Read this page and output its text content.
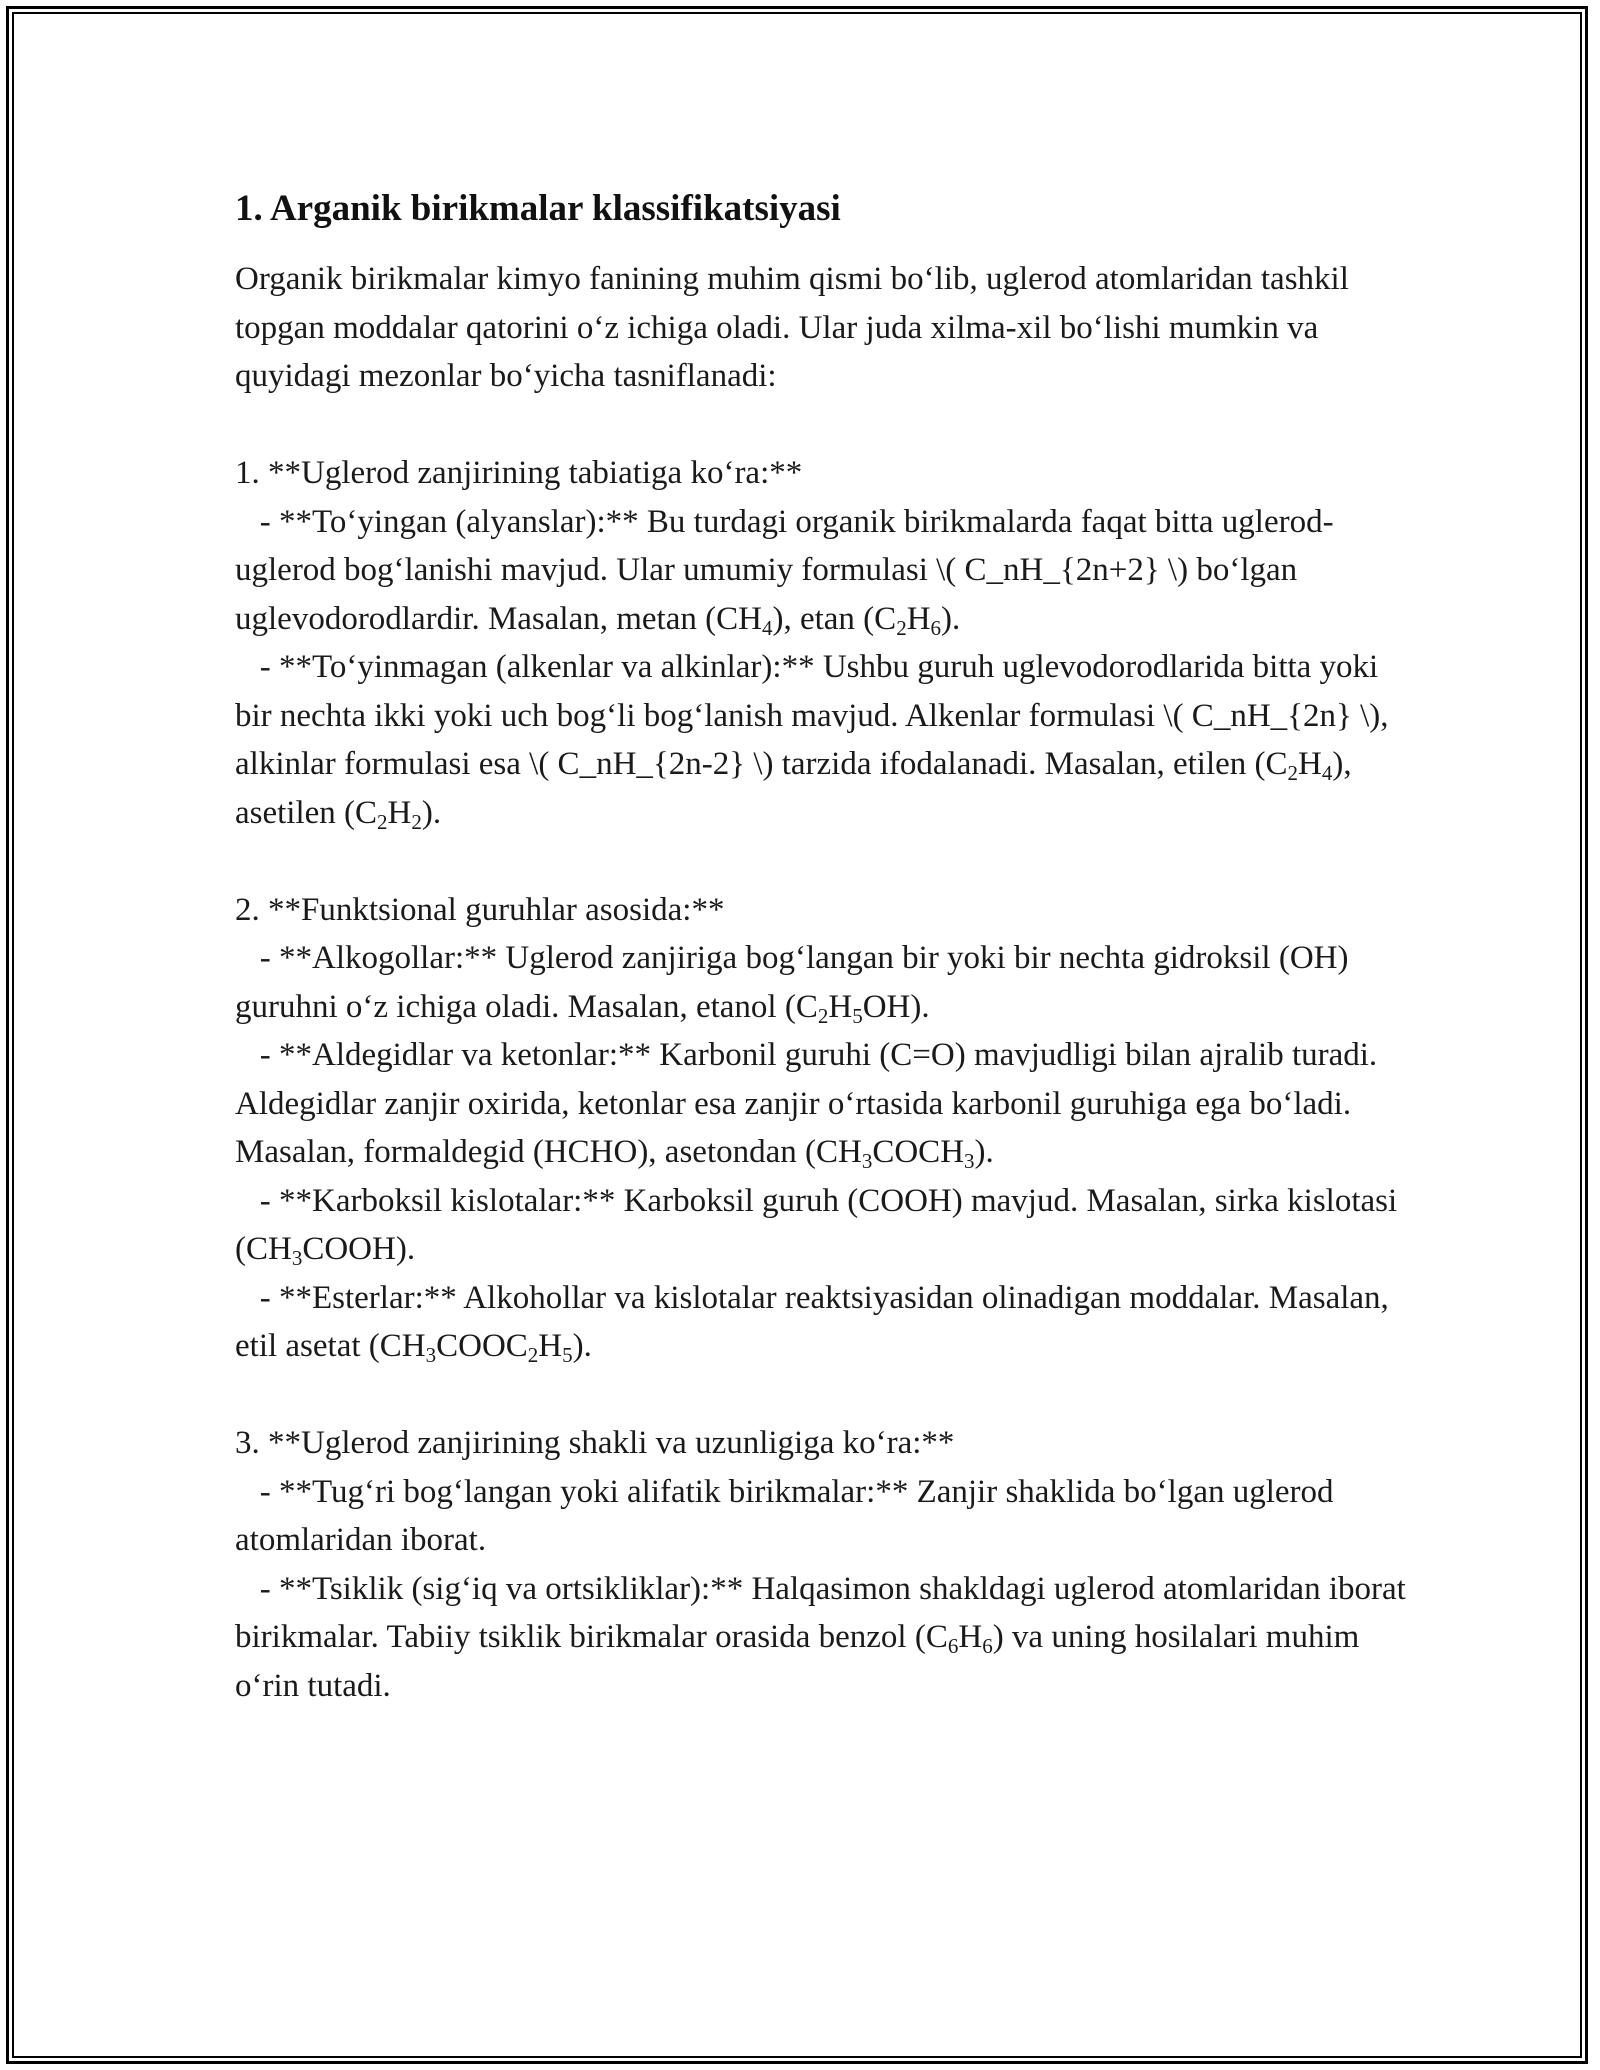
1. Arganik birikmalar klassifikatsiyasi

Organik birikmalar kimyo fanining muhim qismi bo‘lib, uglerod atomlaridan tashkil topgan moddalar qatorini o‘z ichiga oladi. Ular juda xilma-xil bo‘lishi mumkin va quyidagi mezonlar bo‘yicha tasniflanadi:

1. **Uglerod zanjirining tabiatiga ko‘ra:**

- **To‘yingan (alyanslar):** Bu turdagi organik birikmalarda faqat bitta uglerod-uglerod bog‘lanishi mavjud. Ular umumiy formulasi \( C_nH_{2n+2} \) bo‘lgan uglevodorodlardir. Masalan, metan $(CH_4)$, etan $(C_2H_6)$.

- **To‘yinmagan (alkenlar va alkinlar):** Ushbu guruh uglevodorodlarida bitta yoki bir nechta ikki yoki uch bog‘li bog‘lanish mavjud. Alkenlar formulasi \( C_nH_{2n} \), alkinlar formulasi esa \( C_nH_{2n-2} \) tarzida ifodalanadi. Masalan, etilen $(C_2H_4)$, asetilen $(C_2H_2)$.

2. **Funktsional guruhlar asosida:**

- **Alkogollar:** Uglerod zanjiriga bog‘langan bir yoki bir nechta gidroksil (OH) guruhni o‘z ichiga oladi. Masalan, etanol $(C_2H_5OH)$.

- **Aldegidlar va ketonlar:** Karbonil guruhi (C=O) mavjudligi bilan ajralib turadi. Aldegidlar zanjir oxirida, ketonlar esa zanjir o‘rtasida karbonil guruhiga ega bo‘ladi. Masalan, formaldegid (HCHO), asetondan $(CH_3COCH_3)$.

- **Karboksil kislotalar:** Karboksil guruh (COOH) mavjud. Masalan, sirka kislotasi $(CH_3COOH)$.

- **Esterlar:** Alkohollar va kislotalar reaktsiyasidan olinadigan moddalar. Masalan, etil asetat $(CH_3COOC_2H_5)$.

3. **Uglerod zanjirining shakli va uzunligiga ko‘ra:**

- **Tug‘ri bog‘langan yoki alifatik birikmalar:** Zanjir shaklida bo‘lgan uglerod atomlaridan iborat.

- **Tsiklik (sig‘iq va ortsikliklar):** Halqasimon shakldagi uglerod atomlaridan iborat birikmalar. Tabiiy tsiklik birikmalar orasida benzol $(C_6H_6)$ va uning hosilalari muhim o‘rin tutadi.
